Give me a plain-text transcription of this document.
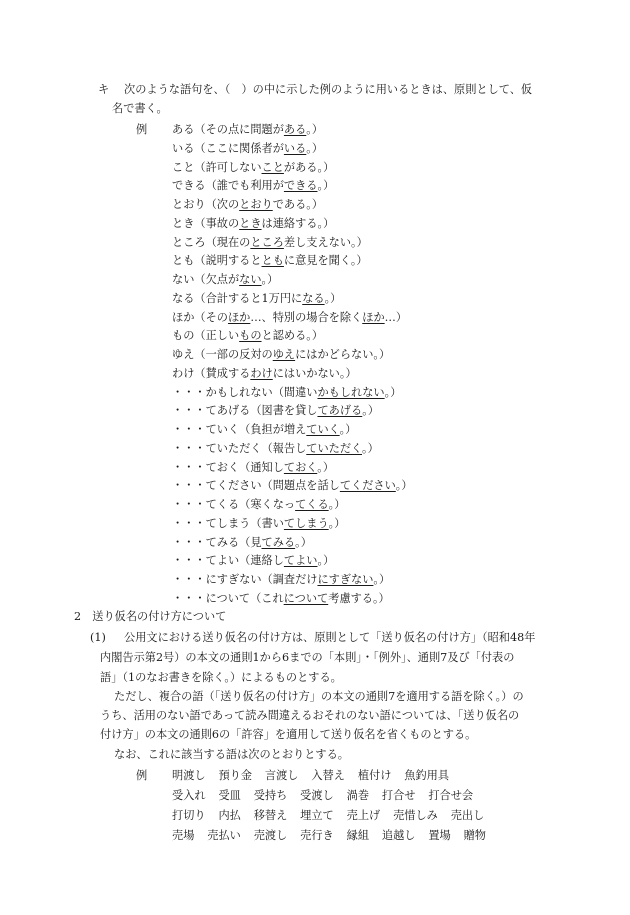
キ 次のような語句を、（　）の中に示した例のように用いるときは、原則として、仮
名で書く。
例 ある（その点に問題がある。）
いる（ここに関係者がいる。）
こと（許可しないことがある。）
できる（誰でも利用ができる。）
とおり（次のとおりである。）
とき（事故のときは連絡する。）
ところ（現在のところ差し支えない。）
とも（説明するとともに意見を聞く。）
ない（欠点がない。）
なる（合計すると1万円になる。）
ほか（そのほか…、特別の場合を除くほか…）
もの（正しいものと認める。）
ゆえ（一部の反対のゆえにはかどらない。）
わけ（賛成するわけにはいかない。）
・・・かもしれない（間違いかもしれない。）
・・・てあげる（図書を貸してあげる。）
・・・ていく（負担が増えていく。）
・・・ていただく（報告していただく。）
・・・ておく（通知しておく。）
・・・てください（問題点を話してください。）
・・・てくる（寒くなってくる。）
・・・てしまう（書いてしまう。）
・・・てみる（見てみる。）
・・・てよい（連絡してよい。）
・・・にすぎない（調査だけにすぎない。）
・・・について（これについて考慮する。）
2　送り仮名の付け方について
(1) 公用文における送り仮名の付け方は、原則として「送り仮名の付け方」（昭和48年
内閣告示第2号）の本文の通則1から6までの「本則」・「例外」、通則7及び「付表の
語」（1のなお書きを除く。）によるものとする。
ただし、複合の語（「送り仮名の付け方」の本文の通則7を適用する語を除く。）の
うち、活用のない語であって読み間違えるおそれのない語については、「送り仮名の
付け方」の本文の通則6の「許容」を適用して送り仮名を省くものとする。
なお、これに該当する語は次のとおりとする。
例 明渡し 預り金 言渡し 入替え 植付け 魚釣用具
受入れ 受皿 受持ち 受渡し 渦巻 打合せ 打合せ会
打切り 内払 移替え 埋立て 売上げ 売惜しみ 売出し
売場 売払い 売渡し 売行き 縁組 追越し 置場 贈物
